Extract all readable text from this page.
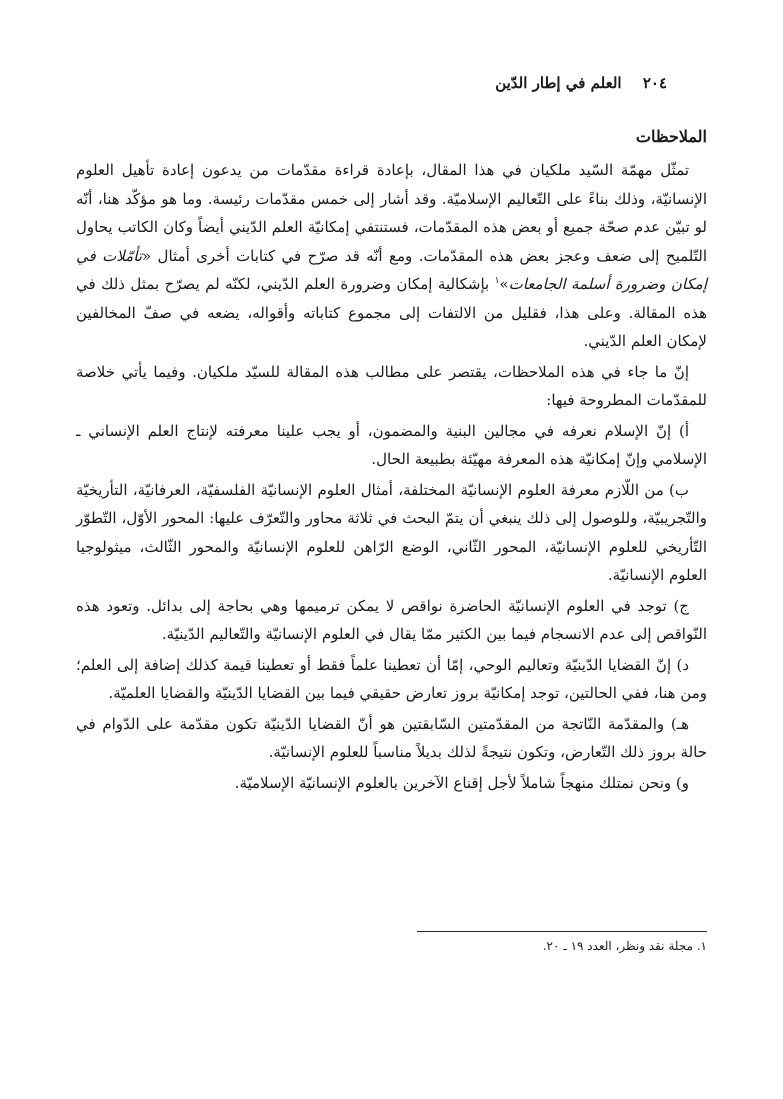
٢٠٤ العلم في إطار الدّين
الملاحظات

تمثّل مهمّة السّيد ملكيان في هذا المقال، بإعادة قراءة مقدّمات من يدعون إعادة تأهيل العلوم الإنسانيّة، وذلك بناءً على التّعاليم الإسلاميّة. وقد أشار إلى خمس مقدّمات رئيسة. وما هو مؤكّد هنا، أنّه لو تبيّن عدم صحّة جميع أو بعض هذه المقدّمات، فستنتفي إمكانيّة العلم الدّيني أيضاً وكان الكاتب يحاول التّلميح إلى ضعف وعجز بعض هذه المقدّمات. ومع أنّه قد صرّح في كتابات أخرى أمثال «تأمّلات في إمكان وضرورة أسلمة الجامعات»$^١$ بإشكالية إمكان وضرورة العلم الدّيني، لكنّه لم يصرّح بمثل ذلك في هذه المقالة. وعلى هذا، فقليل من الالتفات إلى مجموع كتاباته وأقواله، يضعه في صفّ المخالفين لإمكان العلم الدّيني.

إنّ ما جاء في هذه الملاحظات، يقتصر على مطالب هذه المقالة للسيّد ملكيان. وفيما يأتي خلاصة للمقدّمات المطروحة فيها:

أ) إنّ الإسلام نعرفه في مجالين البنية والمضمون، أو يجب علينا معرفته لإنتاج العلم الإنساني ـ الإسلامي وإنّ إمكانيّة هذه المعرفة مهيّئة بطبيعة الحال.

ب) من اللّازم معرفة العلوم الإنسانيّة المختلفة، أمثال العلوم الإنسانيّة الفلسفيّة، العرفانيّة، التأريخيّة والتّجريبيّة، وللوصول إلى ذلك ينبغي أن يتمّ البحث في ثلاثة محاور والتّعرّف عليها: المحور الأوّل، التّطوّر التّأريخي للعلوم الإنسانيّة، المحور الثّاني، الوضع الرّاهن للعلوم الإنسانيّة والمحور الثّالث، ميثولوجيا العلوم الإنسانيّة.

ج) توجد في العلوم الإنسانيّة الحاضرة نواقص لا يمكن ترميمها وهي بحاجة إلى بدائل. وتعود هذه النّواقص إلى عدم الانسجام فيما بين الكثير ممّا يقال في العلوم الإنسانيّة والتّعاليم الدّينيّة.

د) إنّ القضايا الدّينيّة وتعاليم الوحي، إمّا أن تعطينا علماً فقط أو تعطينا قيمة كذلك إضافة إلى العلم؛ ومن هنا، ففي الحالتين، توجد إمكانيّة بروز تعارض حقيقي فيما بين القضايا الدّينيّة والقضايا العلميّة.

هـ) والمقدّمة النّاتجة من المقدّمتين السّابقتين هو أنّ القضايا الدّينيّة تكون مقدّمة على الدّوام في حالة بروز ذلك التّعارض، وتكون نتيجةً لذلك بديلاً مناسباً للعلوم الإنسانيّة.

و) ونحن نمتلك منهجاً شاملاً لأجل إقناع الآخرين بالعلوم الإنسانيّة الإسلاميّة.

١. مجلة نقد ونظر، العدد ١٩ ـ ٢٠.
